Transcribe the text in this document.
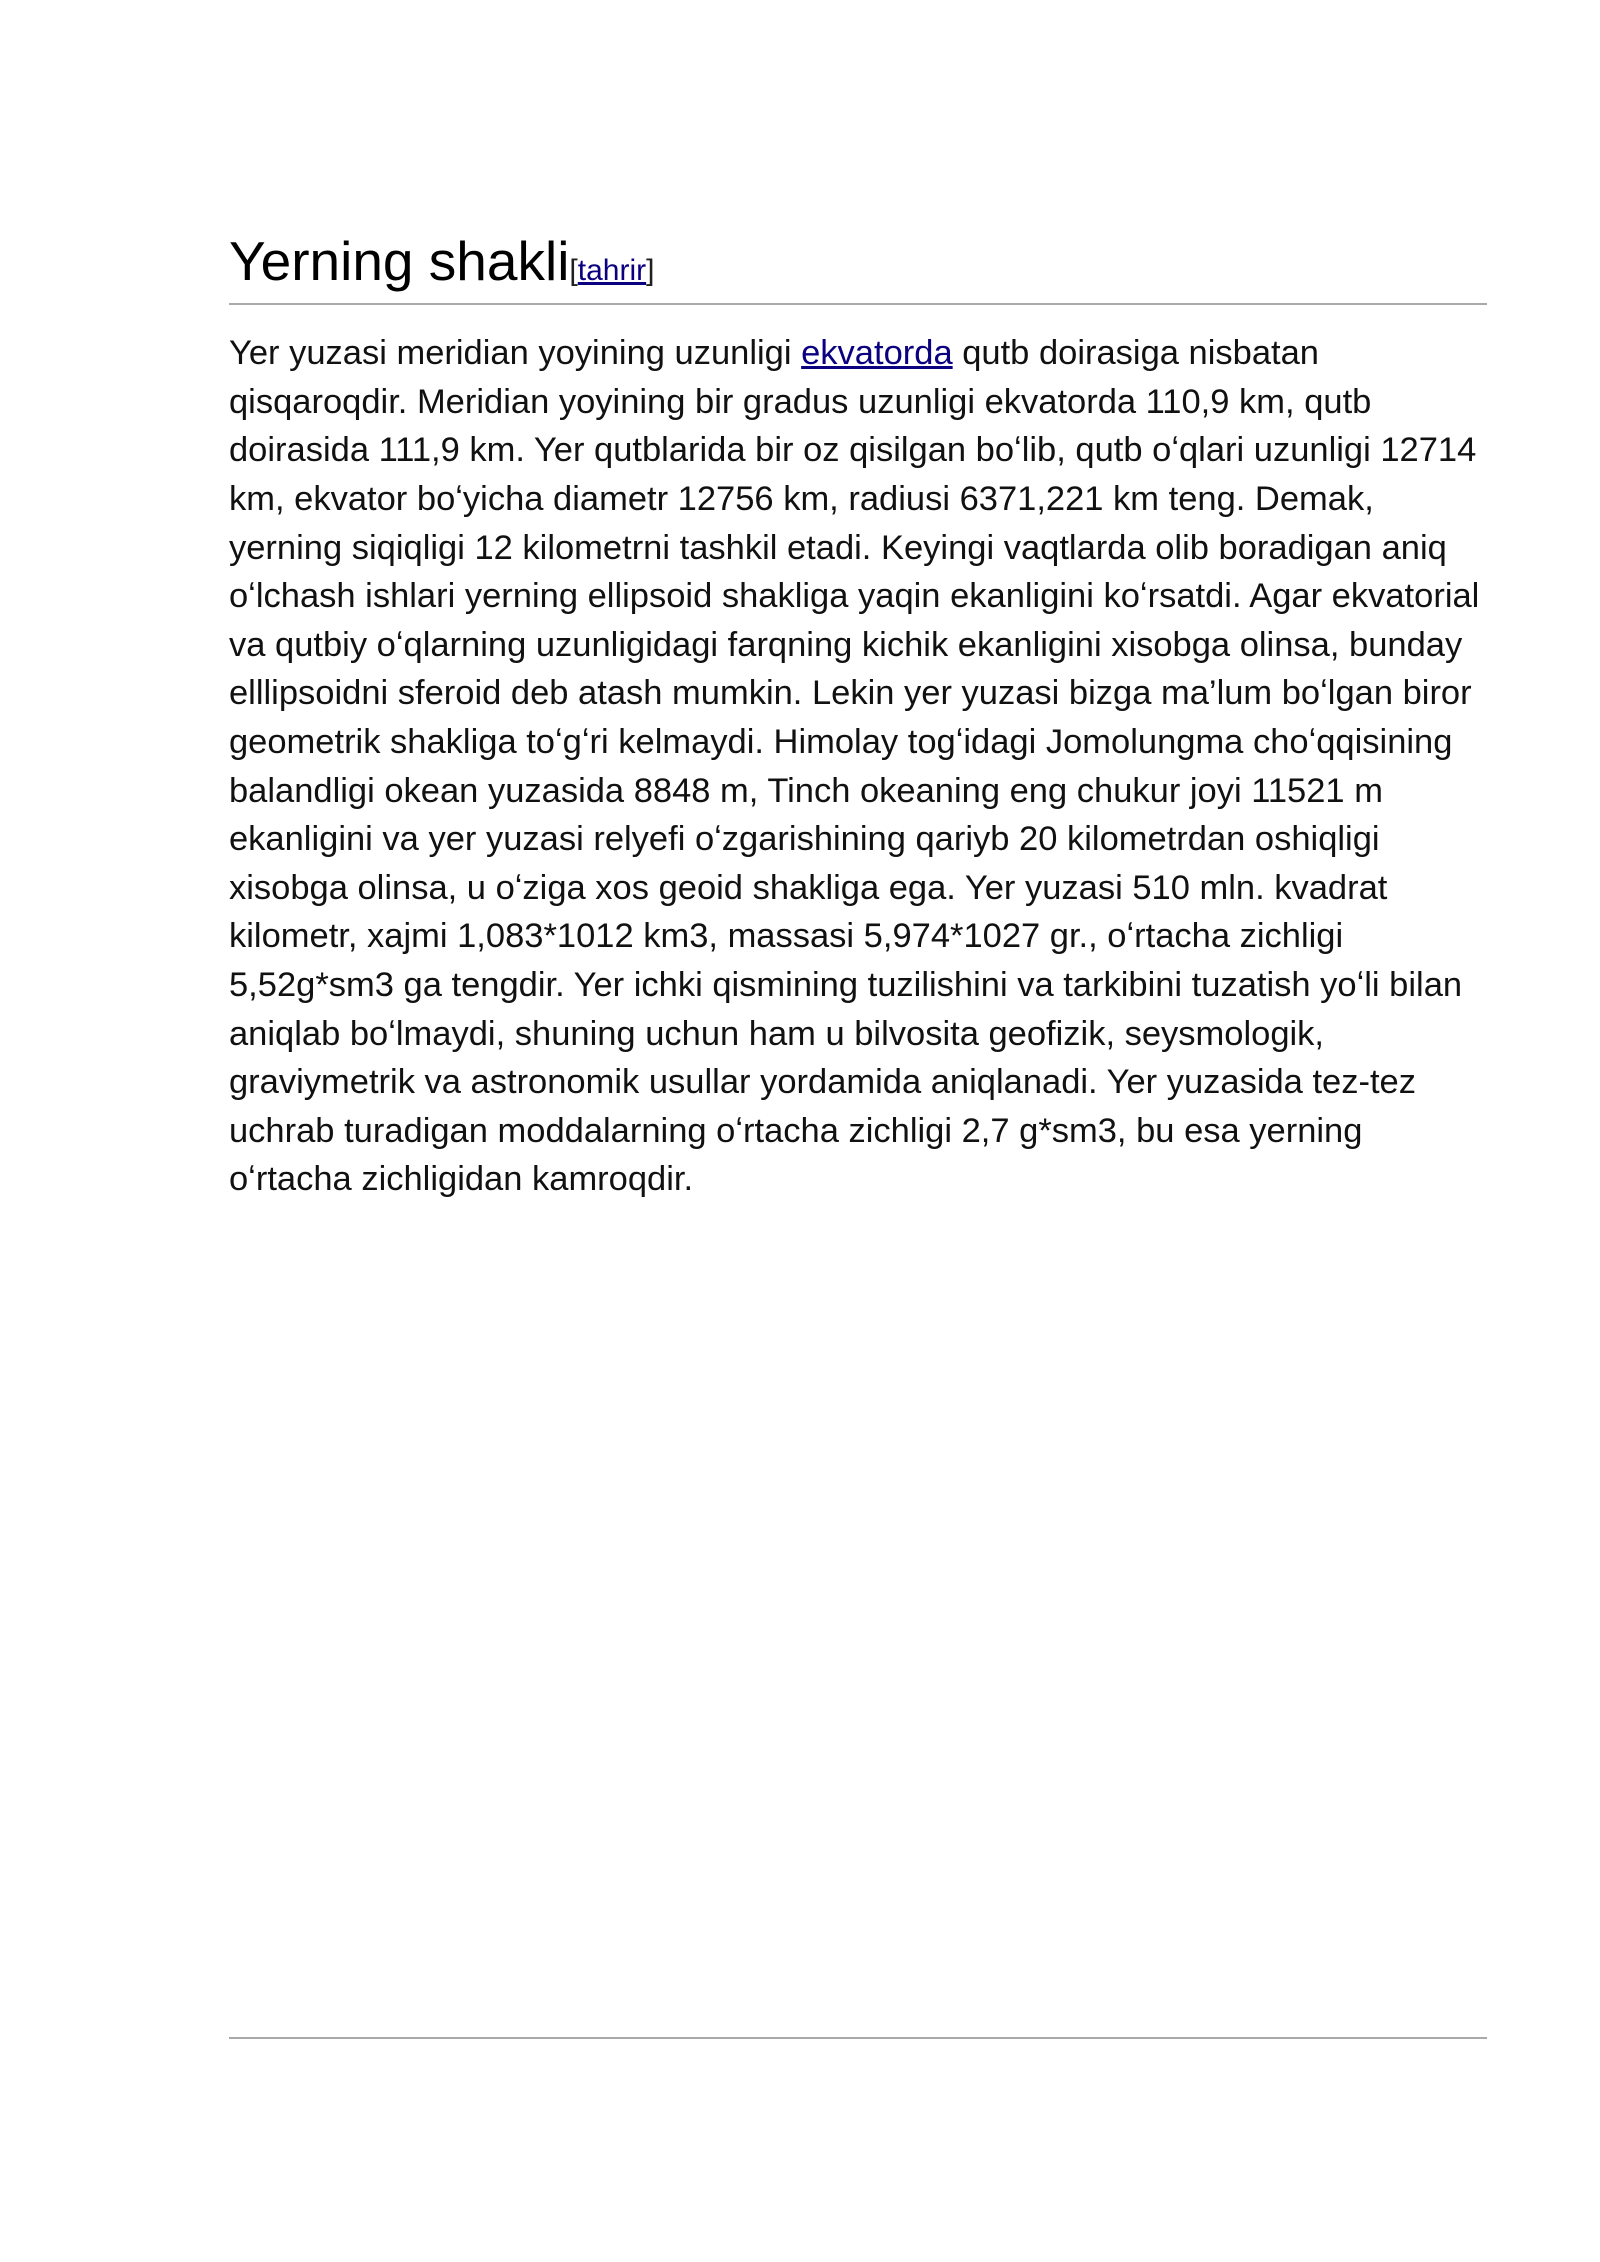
Yerning shakli[tahrir]

Yer yuzasi meridian yoyining uzunligi ekvatorda qutb doirasiga nisbatan qisqaroqdir. Meridian yoyining bir gradus uzunligi ekvatorda 110,9 km, qutb doirasida 111,9 km. Yer qutblarida bir oz qisilgan boʻlib, qutb oʻqlari uzunligi 12714 km, ekvator boʻyicha diametr 12756 km, radiusi 6371,221 km teng. Demak, yerning siqiqligi 12 kilometrni tashkil etadi. Keyingi vaqtlarda olib boradigan aniq oʻlchash ishlari yerning ellipsoid shakliga yaqin ekanligini koʻrsatdi. Agar ekvatorial va qutbiy oʻqlarning uzunligidagi farqning kichik ekanligini xisobga olinsa, bunday elllipsoidni sferoid deb atash mumkin. Lekin yer yuzasi bizga ma’lum boʻlgan biror geometrik shakliga toʻgʻri kelmaydi. Himolay togʻidagi Jomolungma choʻqqisining balandligi okean yuzasida 8848 m, Tinch okeaning eng chukur joyi 11521 m ekanligini va yer yuzasi relyefi oʻzgarishining qariyb 20 kilometrdan oshiqligi xisobga olinsa, u oʻziga xos geoid shakliga ega. Yer yuzasi 510 mln. kvadrat kilometr, xajmi 1,083*1012 km3, massasi 5,974*1027 gr., oʻrtacha zichligi 5,52g*sm3 ga tengdir. Yer ichki qismining tuzilishini va tarkibini tuzatish yoʻli bilan aniqlab boʻlmaydi, shuning uchun ham u bilvosita geofizik, seysmologik, graviymetrik va astronomik usullar yordamida aniqlanadi. Yer yuzasida tez-tez uchrab turadigan moddalarning oʻrtacha zichligi 2,7 g*sm3, bu esa yerning oʻrtacha zichligidan kamroqdir.
